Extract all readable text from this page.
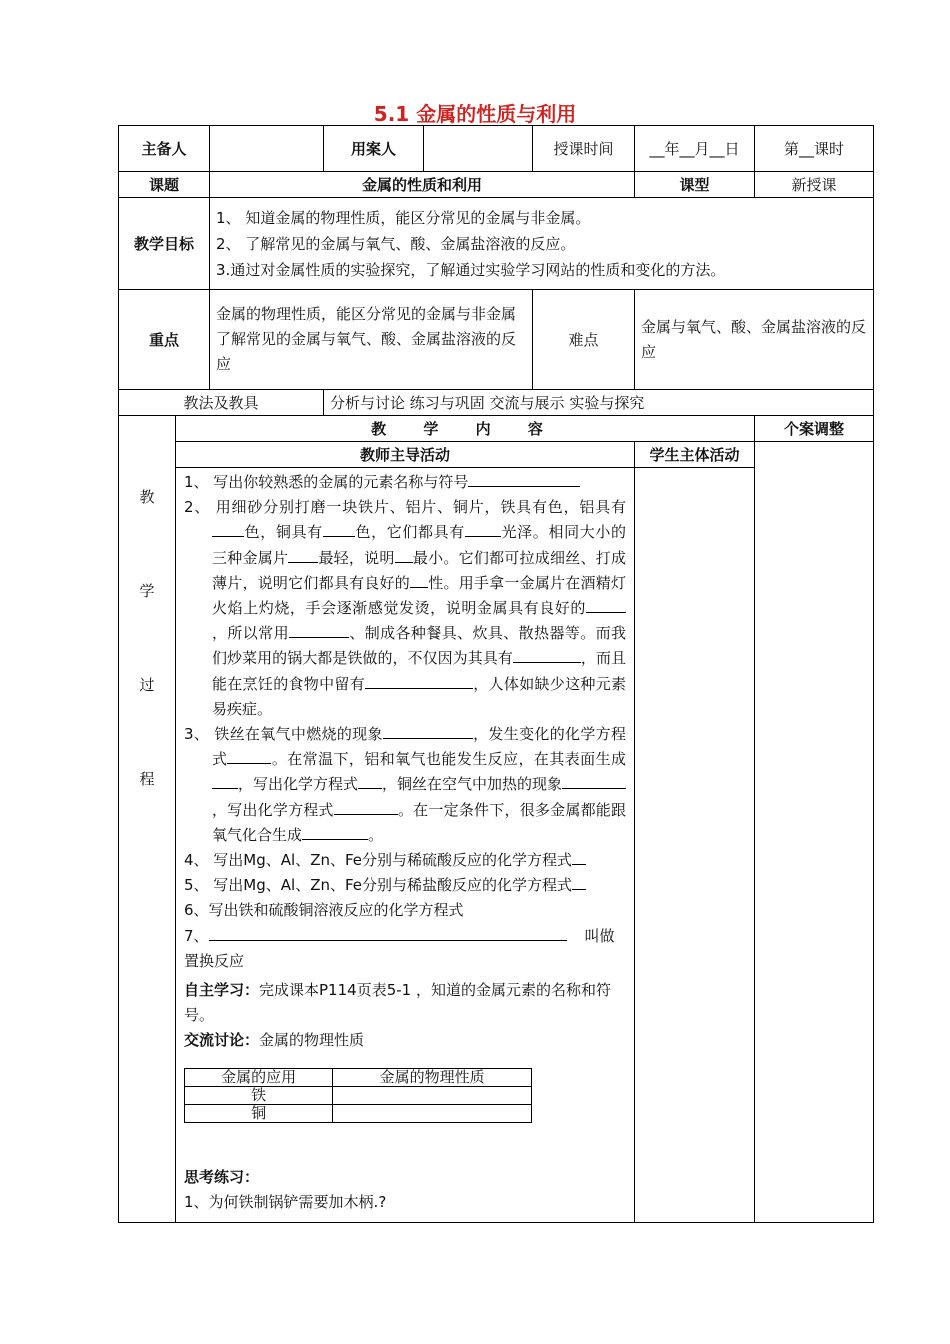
5.1 金属的性质与利用
主备人		用案人		授课时间	__年__月__日	第__课时
课题	金属的性质和利用	课型	新授课
教学目标	

1、 知道金属的物理性质，能区分常见的金属与非金属。

2、 了解常见的金属与氧气、酸、金属盐溶液的反应。

3.通过对金属性质的实验探究，了解通过实验学习网站的性质和变化的方法。

重点	金属的物理性质，能区分常见的金属与非金属
了解常见的金属与氧气、酸、金属盐溶液的反应	难点	金属与氧气、酸、金属盐溶液的反应
教法及教具	分析与讨论 练习与巩固 交流与展示 实验与探究

教
学
过
程
	教 学 内 容	个案调整
教师主导活动	学生主体活动	

1、 写出你较熟悉的金属的元素名称与符号

2、 用细砂分别打磨一块铁片、铝片、铜片，铁具有色，铝具有色，铜具有 色，它们都具有 光泽。相同大小的三种金属片 最轻，说明 最小。它们都可拉成细丝、打成薄片，说明它们都具有良好的 性。用手拿一金属片在酒精灯火焰上灼烧，手会逐渐感觉发烫，说明金属具有良好的，所以常用	、制成各种餐具、炊具、散热器等。而我们炒菜用的锅大都是铁做的，不仅因为其具有	，而且能在烹饪的食物中留有	，人体如缺少这种元素易疾症。

3、 铁丝在氧气中燃烧的现象	，发生变化的化学方程式	。在常温下，铝和氧气也能发生反应，在其表面生成，写出化学方程式 ，铜丝在空气中加热的现象，写出化学方程式	。在一定条件下，很多金属都能跟氧气化合生成	。

4、 写出Mg、Al、Zn、Fe分别与稀硫酸反应的化学方程式

5、 写出Mg、Al、Zn、Fe分别与稀盐酸反应的化学方程式

6、写出铁和硫酸铜溶液反应的化学方程式

7、	叫做置换反应

自主学习：完成课本P114页表5-1 ，知道的金属元素的名称和符号。

交流讨论：金属的物理性质

金属的应用	金属的物理性质
铁	
铜	

思考练习：

1、为何铁制锅铲需要加木柄.?
